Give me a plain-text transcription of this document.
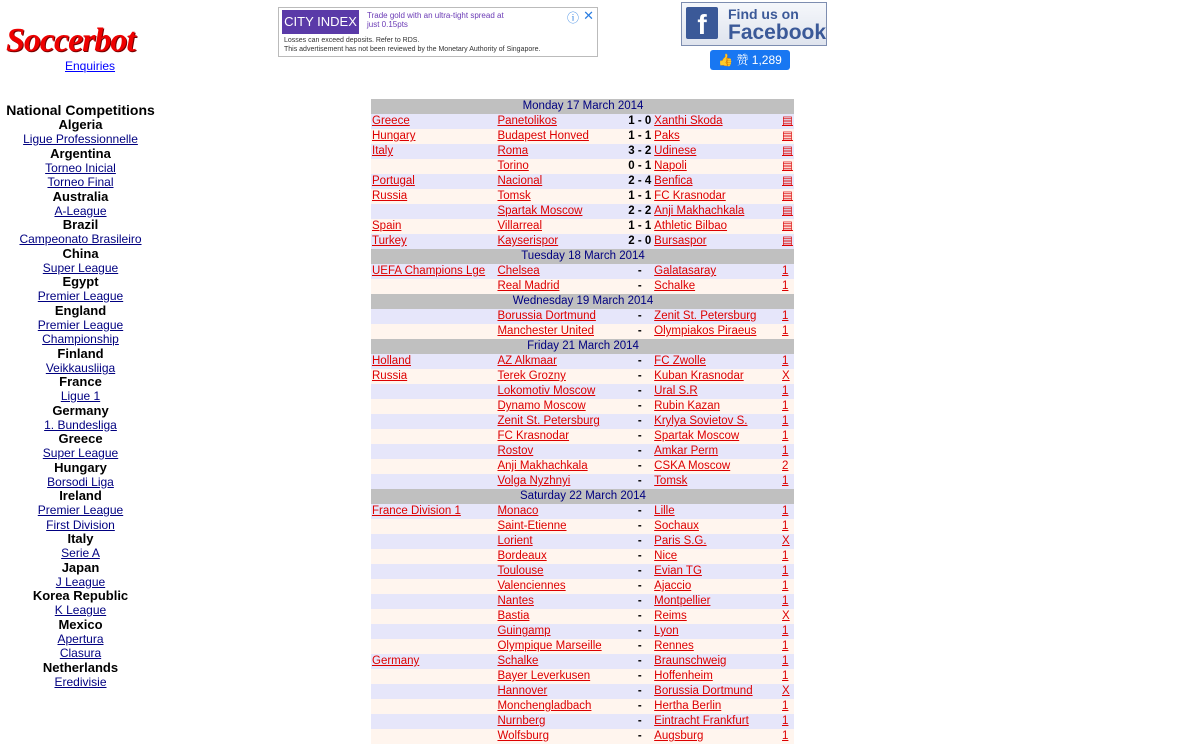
Soccerbot
Enquiries
CITY INDEX Trade gold with an ultra-tight spread at just 0.15pts	ⓘ ✕
Losses can exceed deposits. Refer to RDS.
This advertisement has not been reviewed by the Monetary Authority of Singapore.
f	Find us on
Facebook
👍 赞 1,289
National Competitions
Algeria
Ligue Professionnelle
Argentina
Torneo Inicial
Torneo Final
Australia
A-League
Brazil
Campeonato Brasileiro
China
Super League
Egypt
Premier League
England
Premier League
Championship
Finland
Veikkausliiga
France
Ligue 1
Germany
1. Bundesliga
Greece
Super League
Hungary
Borsodi Liga
Ireland
Premier League
First Division
Italy
Serie A
Japan
J League
Korea Republic
K League
Mexico
Apertura
Clasura
Netherlands
Eredivisie
Monday 17 March 2014				
Greece	Panetolikos	1 - 0	Xanthi Skoda	▤
Hungary	Budapest Honved	1 - 1	Paks	▤
Italy	Roma	3 - 2	Udinese	▤
	Torino	0 - 1	Napoli	▤
Portugal	Nacional	2 - 4	Benfica	▤
Russia	Tomsk	1 - 1	FC Krasnodar	▤
	Spartak Moscow	2 - 2	Anji Makhachkala	▤
Spain	Villarreal	1 - 1	Athletic Bilbao	▤
Turkey	Kayserispor	2 - 0	Bursaspor	▤
Tuesday 18 March 2014				
UEFA Champions Lge	Chelsea	-	Galatasaray	1
	Real Madrid	-	Schalke	1
Wednesday 19 March 2014				
	Borussia Dortmund	-	Zenit St. Petersburg	1
	Manchester United	-	Olympiakos Piraeus	1
Friday 21 March 2014				
Holland	AZ Alkmaar	-	FC Zwolle	1
Russia	Terek Grozny	-	Kuban Krasnodar	X
	Lokomotiv Moscow	-	Ural S.R	1
	Dynamo Moscow	-	Rubin Kazan	1
	Zenit St. Petersburg	-	Krylya Sovietov S.	1
	FC Krasnodar	-	Spartak Moscow	1
	Rostov	-	Amkar Perm	1
	Anji Makhachkala	-	CSKA Moscow	2
	Volga Nyzhnyi	-	Tomsk	1
Saturday 22 March 2014				
France Division 1	Monaco	-	Lille	1
	Saint-Etienne	-	Sochaux	1
	Lorient	-	Paris S.G.	X
	Bordeaux	-	Nice	1
	Toulouse	-	Evian TG	1
	Valenciennes	-	Ajaccio	1
	Nantes	-	Montpellier	1
	Bastia	-	Reims	X
	Guingamp	-	Lyon	1
	Olympique Marseille	-	Rennes	1
Germany	Schalke	-	Braunschweig	1
	Bayer Leverkusen	-	Hoffenheim	1
	Hannover	-	Borussia Dortmund	X
	Monchengladbach	-	Hertha Berlin	1
	Nurnberg	-	Eintracht Frankfurt	1
	Wolfsburg	-	Augsburg	1
